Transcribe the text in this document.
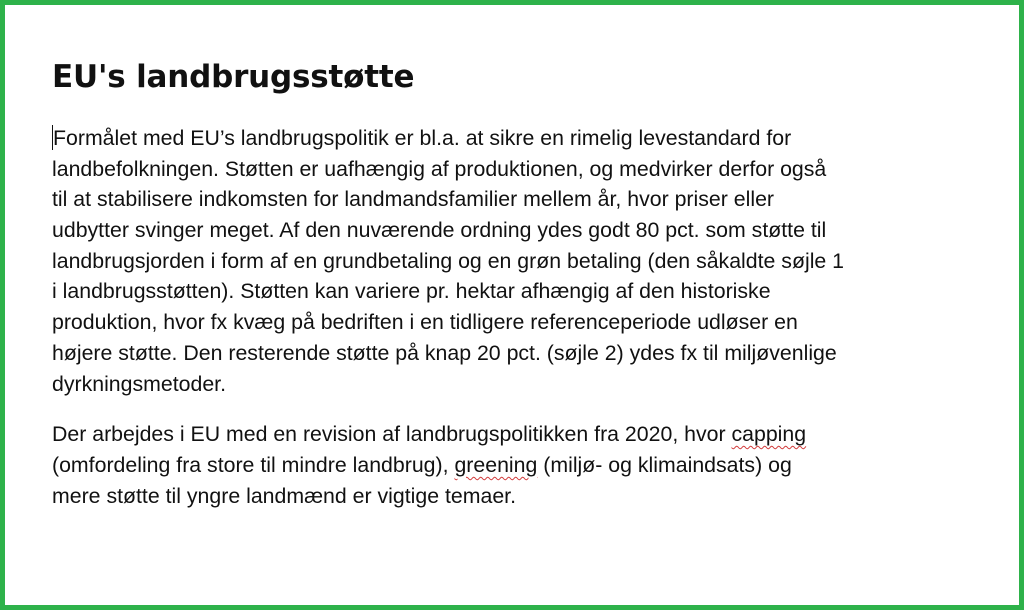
EU's landbrugsstøtte

Formålet med EU’s landbrugspolitik er bl.a. at sikre en rimelig levestandard for
landbefolkningen. Støtten er uafhængig af produktionen, og medvirker derfor også
til at stabilisere indkomsten for landmandsfamilier mellem år, hvor priser eller
udbytter svinger meget. Af den nuværende ordning ydes godt 80 pct. som støtte til
landbrugsjorden i form af en grundbetaling og en grøn betaling (den såkaldte søjle 1
i landbrugsstøtten). Støtten kan variere pr. hektar afhængig af den historiske
produktion, hvor fx kvæg på bedriften i en tidligere referenceperiode udløser en
højere støtte. Den resterende støtte på knap 20 pct. (søjle 2) ydes fx til miljøvenlige
dyrkningsmetoder.

Der arbejdes i EU med en revision af landbrugspolitikken fra 2020, hvor capping
(omfordeling fra store til mindre landbrug), greening (miljø- og klimaindsats) og
mere støtte til yngre landmænd er vigtige temaer.
